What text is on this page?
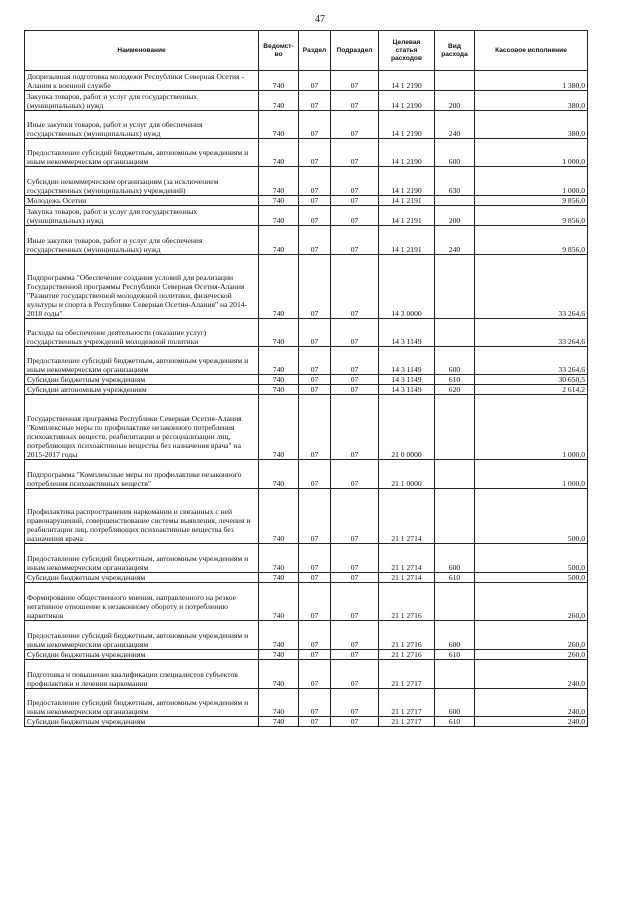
47
Наименование	Ведомст-во	Раздел	Подраздел	Целевая статья расходов	Вид расхода	Кассовое исполнение
Допризывная подготовка молодежи Республики Северная Осетия - Алания к военной службе	740	07	07	14 1 2190		1 380,0
Закупка товаров, работ и услуг для государственных (муниципальных) нужд	740	07	07	14 1 2190	200	380,0
Иные закупки товаров, работ и услуг для обеспечения государственных (муниципальных) нужд	740	07	07	14 1 2190	240	380,0
Предоставление субсидий бюджетным, автономным учреждениям и иным некоммерческим организациям	740	07	07	14 1 2190	600	1 000,0
Субсидии некоммерческим организациям (за исключением государственных (муниципальных) учреждений)	740	07	07	14 1 2190	630	1 000,0
Молодежь Осетии	740	07	07	14 1 2191		9 856,0
Закупка товаров, работ и услуг для государственных (муниципальных) нужд	740	07	07	14 1 2191	200	9 856,0
Иные закупки товаров, работ и услуг для обеспечения государственных (муниципальных) нужд	740	07	07	14 1 2191	240	9 856,0
Подпрограмма "Обеспечение создания условий для реализации Государственной программы Республики Северная Осетия-Алания "Развитие государственной молодежной политики, физической культуры и спорта в Республике Северная Осетия-Алания" на 2014-2018 годы"	740	07	07	14 3 0000		33 264,6
Расходы на обеспечение деятельности (оказание услуг) государственных учреждений молодежной политики	740	07	07	14 3 1149		33 264,6
Предоставление субсидий бюджетным, автономным учреждениям и иным некоммерческим организациям	740	07	07	14 3 1149	600	33 264,6
Субсидии бюджетным учреждениям	740	07	07	14 3 1149	610	30 650,5
Субсидии автономным учреждениям	740	07	07	14 3 1149	620	2 614,2
Государственная программа Республики Северная Осетия-Алания "Комплексные меры по профилактике незаконного потребления психоактивных веществ, реабилитации и ресоциализации лиц, потребляющих психоактивные вещества без назначения врача" на 2015-2017 годы	740	07	07	21 0 0000		1 000,0
Подпрограмма "Комплексные меры по профилактике незаконного потребления психоактивных веществ"	740	07	07	21 1 0000		1 000,0
Профилактика распространения наркомании и связанных с ней правонарушений, совершенствование системы выявления, лечения и реабилитации лиц, потребляющих психоактивные вещества без назначения врача	740	07	07	21 1 2714		500,0
Предоставление субсидий бюджетным, автономным учреждениям и иным некоммерческим организациям	740	07	07	21 1 2714	600	500,0
Субсидии бюджетным учреждениям	740	07	07	21 1 2714	610	500,0
Формирование общественного мнения, направленного на резкое негативное отношение к незаконному обороту и потреблению наркотиков	740	07	07	21 1 2716		260,0
Предоставление субсидий бюджетным, автономным учреждениям и иным некоммерческим организациям	740	07	07	21 1 2716	600	260,0
Субсидии бюджетным учреждениям	740	07	07	21 1 2716	610	260,0
Подготовка и повышение квалификации специалистов субъектов профилактики и лечения наркомании	740	07	07	21 1 2717		240,0
Предоставление субсидий бюджетным, автономным учреждениям и иным некоммерческим организациям	740	07	07	21 1 2717	600	240,0
Субсидии бюджетным учреждениям	740	07	07	21 1 2717	610	240,0
